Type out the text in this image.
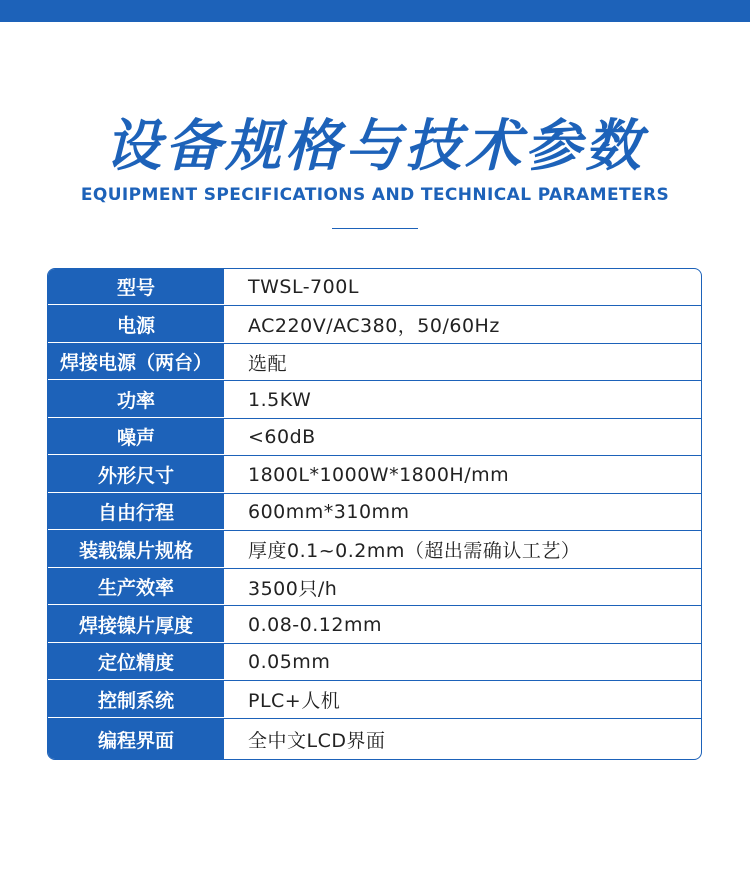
设备规格与技术参数
EQUIPMENT SPECIFICATIONS AND TECHNICAL PARAMETERS
型号	TWSL-700L
电源	AC220V/AC380，50/60Hz
焊接电源（两台）	选配
功率	1.5KW
噪声	<60dB
外形尺寸	1800L*1000W*1800H/mm
自由行程	600mm*310mm
装载镍片规格	厚度0.1~0.2mm（超出需确认工艺）
生产效率	3500只/h
焊接镍片厚度	0.08-0.12mm
定位精度	0.05mm
控制系统	PLC+人机
编程界面	全中文LCD界面
